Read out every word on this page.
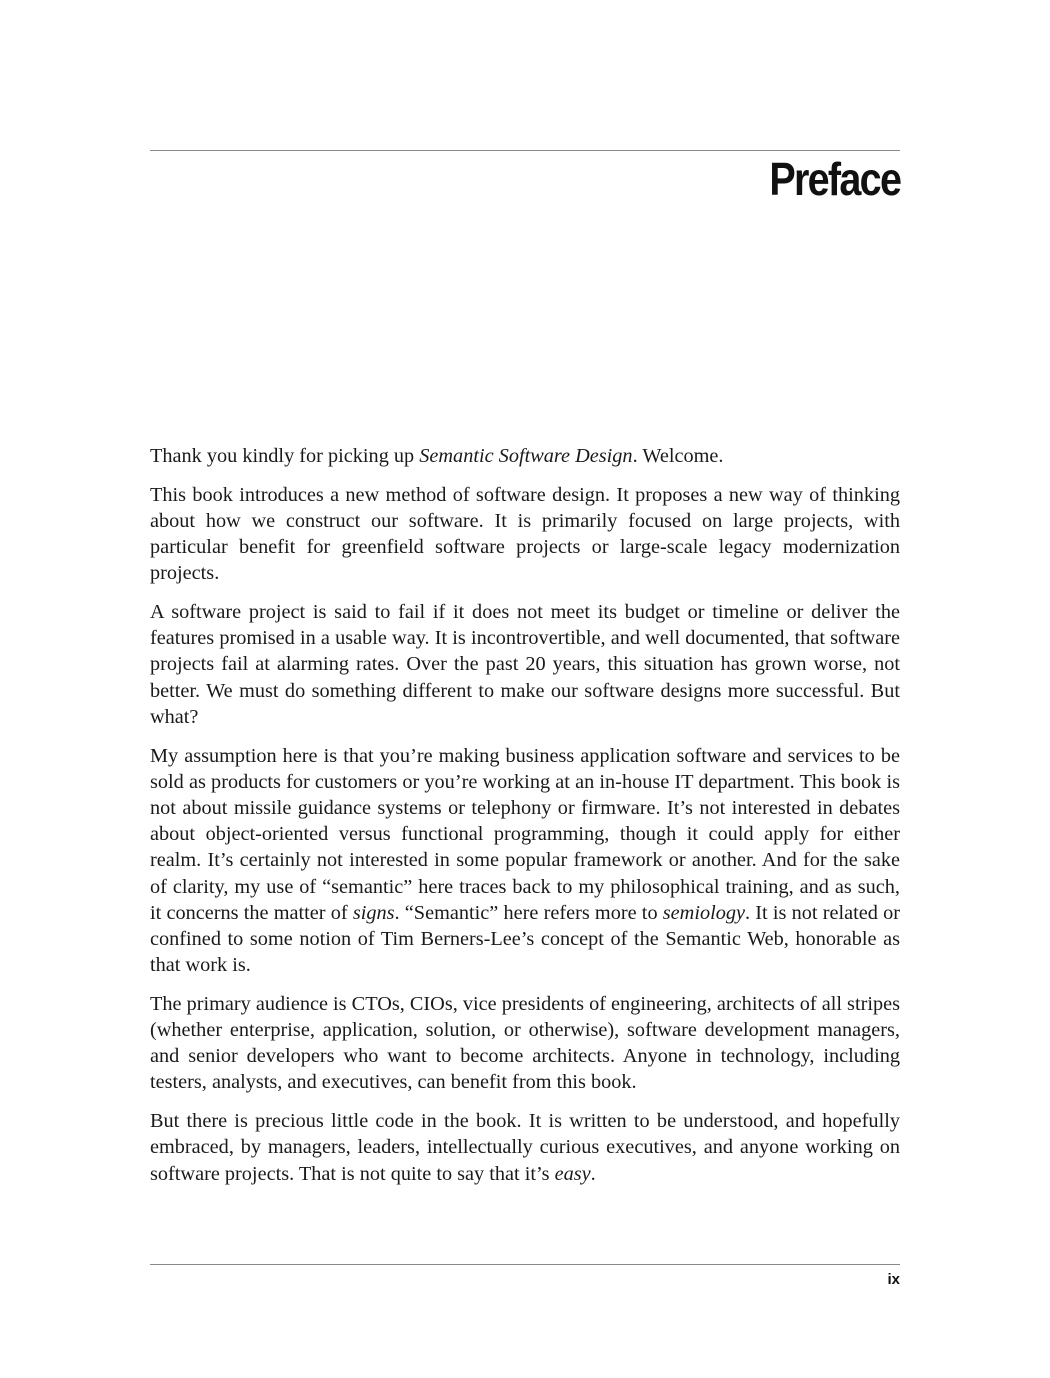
Preface

Thank you kindly for picking up Semantic Software Design. Welcome.

This book introduces a new method of software design. It proposes a new way of thinking about how we construct our software. It is primarily focused on large projects, with particular benefit for greenfield software projects or large-scale legacy modernization projects.

A software project is said to fail if it does not meet its budget or timeline or deliver the features promised in a usable way. It is incontrovertible, and well documented, that software projects fail at alarming rates. Over the past 20 years, this situation has grown worse, not better. We must do something different to make our software designs more successful. But what?

My assumption here is that you’re making business application software and services to be sold as products for customers or you’re working at an in-house IT department. This book is not about missile guidance systems or telephony or firmware. It’s not interested in debates about object-oriented versus functional programming, though it could apply for either realm. It’s certainly not interested in some popular framework or another. And for the sake of clarity, my use of “semantic” here traces back to my philosophical training, and as such, it concerns the matter of signs. “Semantic” here refers more to semiology. It is not related or confined to some notion of Tim Berners-Lee’s concept of the Semantic Web, honorable as that work is.

The primary audience is CTOs, CIOs, vice presidents of engineering, architects of all stripes (whether enterprise, application, solution, or otherwise), software development managers, and senior developers who want to become architects. Anyone in technology, including testers, analysts, and executives, can benefit from this book.

But there is precious little code in the book. It is written to be understood, and hopefully embraced, by managers, leaders, intellectually curious executives, and anyone working on software projects. That is not quite to say that it’s easy.

ix
